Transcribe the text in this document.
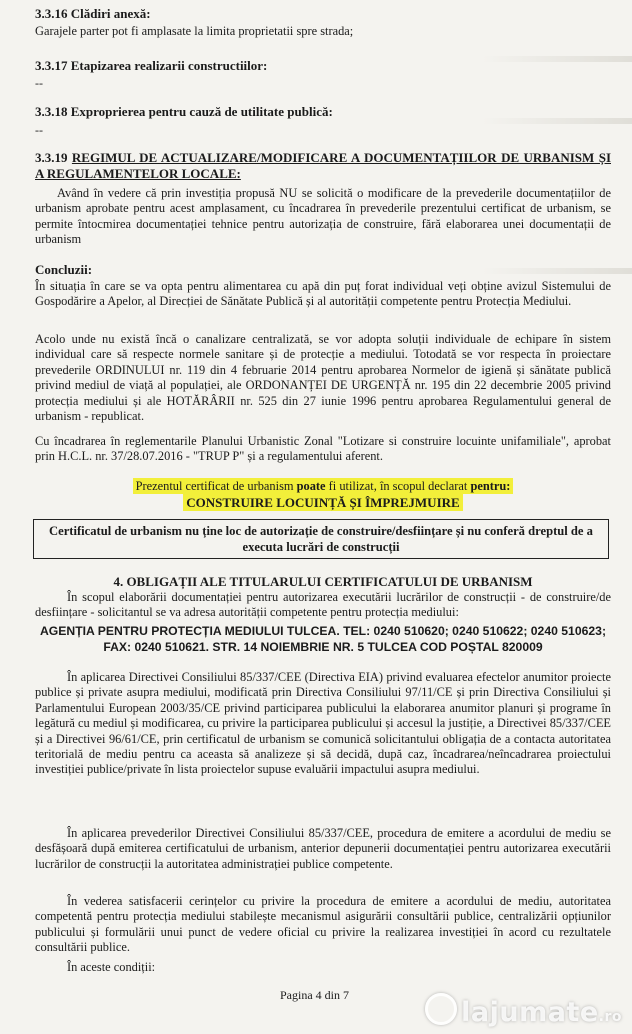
3.3.16 Clădiri anexă:
Garajele parter pot fi amplasate la limita proprietatii spre strada;
3.3.17 Etapizarea realizarii constructiilor:
--
3.3.18 Exproprierea pentru cauză de utilitate publică:
--
3.3.19 REGIMUL DE ACTUALIZARE/MODIFICARE A DOCUMENTAȚIILOR DE URBANISM ȘI A REGULAMENTELOR LOCALE:
Având în vedere că prin investiția propusă NU se solicită o modificare de la prevederile documentațiilor de urbanism aprobate pentru acest amplasament, cu încadrarea în prevederile prezentului certificat de urbanism, se permite întocmirea documentației tehnice pentru autorizația de construire, fără elaborarea unei documentații de urbanism
Concluzii:
În situația în care se va opta pentru alimentarea cu apă din puț forat individual veți obține avizul Sistemului de Gospodărire a Apelor, al Direcției de Sănătate Publică și al autorității competente pentru Protecția Mediului.
Acolo unde nu există încă o canalizare centralizată, se vor adopta soluții individuale de echipare în sistem individual care să respecte normele sanitare și de protecție a mediului. Totodată se vor respecta în proiectare prevederile ORDINULUI nr. 119 din 4 februarie 2014 pentru aprobarea Normelor de igienă și sănătate publică privind mediul de viață al populației, ale ORDONANȚEI DE URGENȚĂ nr. 195 din 22 decembrie 2005 privind protecția mediului și ale HOTĂRÂRII nr. 525 din 27 iunie 1996 pentru aprobarea Regulamentului general de urbanism - republicat.
Cu încadrarea în reglementarile Planului Urbanistic Zonal "Lotizare si construire locuinte unifamiliale", aprobat prin H.C.L. nr. 37/28.07.2016 - "TRUP P" și a regulamentului aferent.
Prezentul certificat de urbanism poate fi utilizat, în scopul declarat pentru:
CONSTRUIRE LOCUINȚĂ ȘI ÎMPREJMUIRE
Certificatul de urbanism nu ține loc de autorizație de construire/desființare și nu conferă dreptul de a executa lucrări de construcții
4. OBLIGAȚII ALE TITULARULUI CERTIFICATULUI DE URBANISM
În scopul elaborării documentației pentru autorizarea executării lucrărilor de construcții - de construire/de desființare - solicitantul se va adresa autorității competente pentru protecția mediului:
AGENȚIA PENTRU PROTECȚIA MEDIULUI TULCEA. TEL: 0240 510620; 0240 510622; 0240 510623; FAX: 0240 510621. STR. 14 NOIEMBRIE NR. 5 TULCEA COD POȘTAL 820009
În aplicarea Directivei Consiliului 85/337/CEE (Directiva EIA) privind evaluarea efectelor anumitor proiecte publice și private asupra mediului, modificată prin Directiva Consiliului 97/11/CE și prin Directiva Consiliului și Parlamentului European 2003/35/CE privind participarea publicului la elaborarea anumitor planuri și programe în legătură cu mediul și modificarea, cu privire la participarea publicului și accesul la justiție, a Directivei 85/337/CEE și a Directivei 96/61/CE, prin certificatul de urbanism se comunică solicitantului obligația de a contacta autoritatea teritorială de mediu pentru ca aceasta să analizeze și să decidă, după caz, încadrarea/neîncadrarea proiectului investiției publice/private în lista proiectelor supuse evaluării impactului asupra mediului.
În aplicarea prevederilor Directivei Consiliului 85/337/CEE, procedura de emitere a acordului de mediu se desfășoară după emiterea certificatului de urbanism, anterior depunerii documentației pentru autorizarea executării lucrărilor de construcții la autoritatea administrației publice competente.
În vederea satisfacerii cerințelor cu privire la procedura de emitere a acordului de mediu, autoritatea competentă pentru protecția mediului stabilește mecanismul asigurării consultării publice, centralizării opțiunilor publicului și formulării unui punct de vedere oficial cu privire la realizarea investiției în acord cu rezultatele consultării publice.
În aceste condiții:
Pagina 4 din 7
lajumate.ro
